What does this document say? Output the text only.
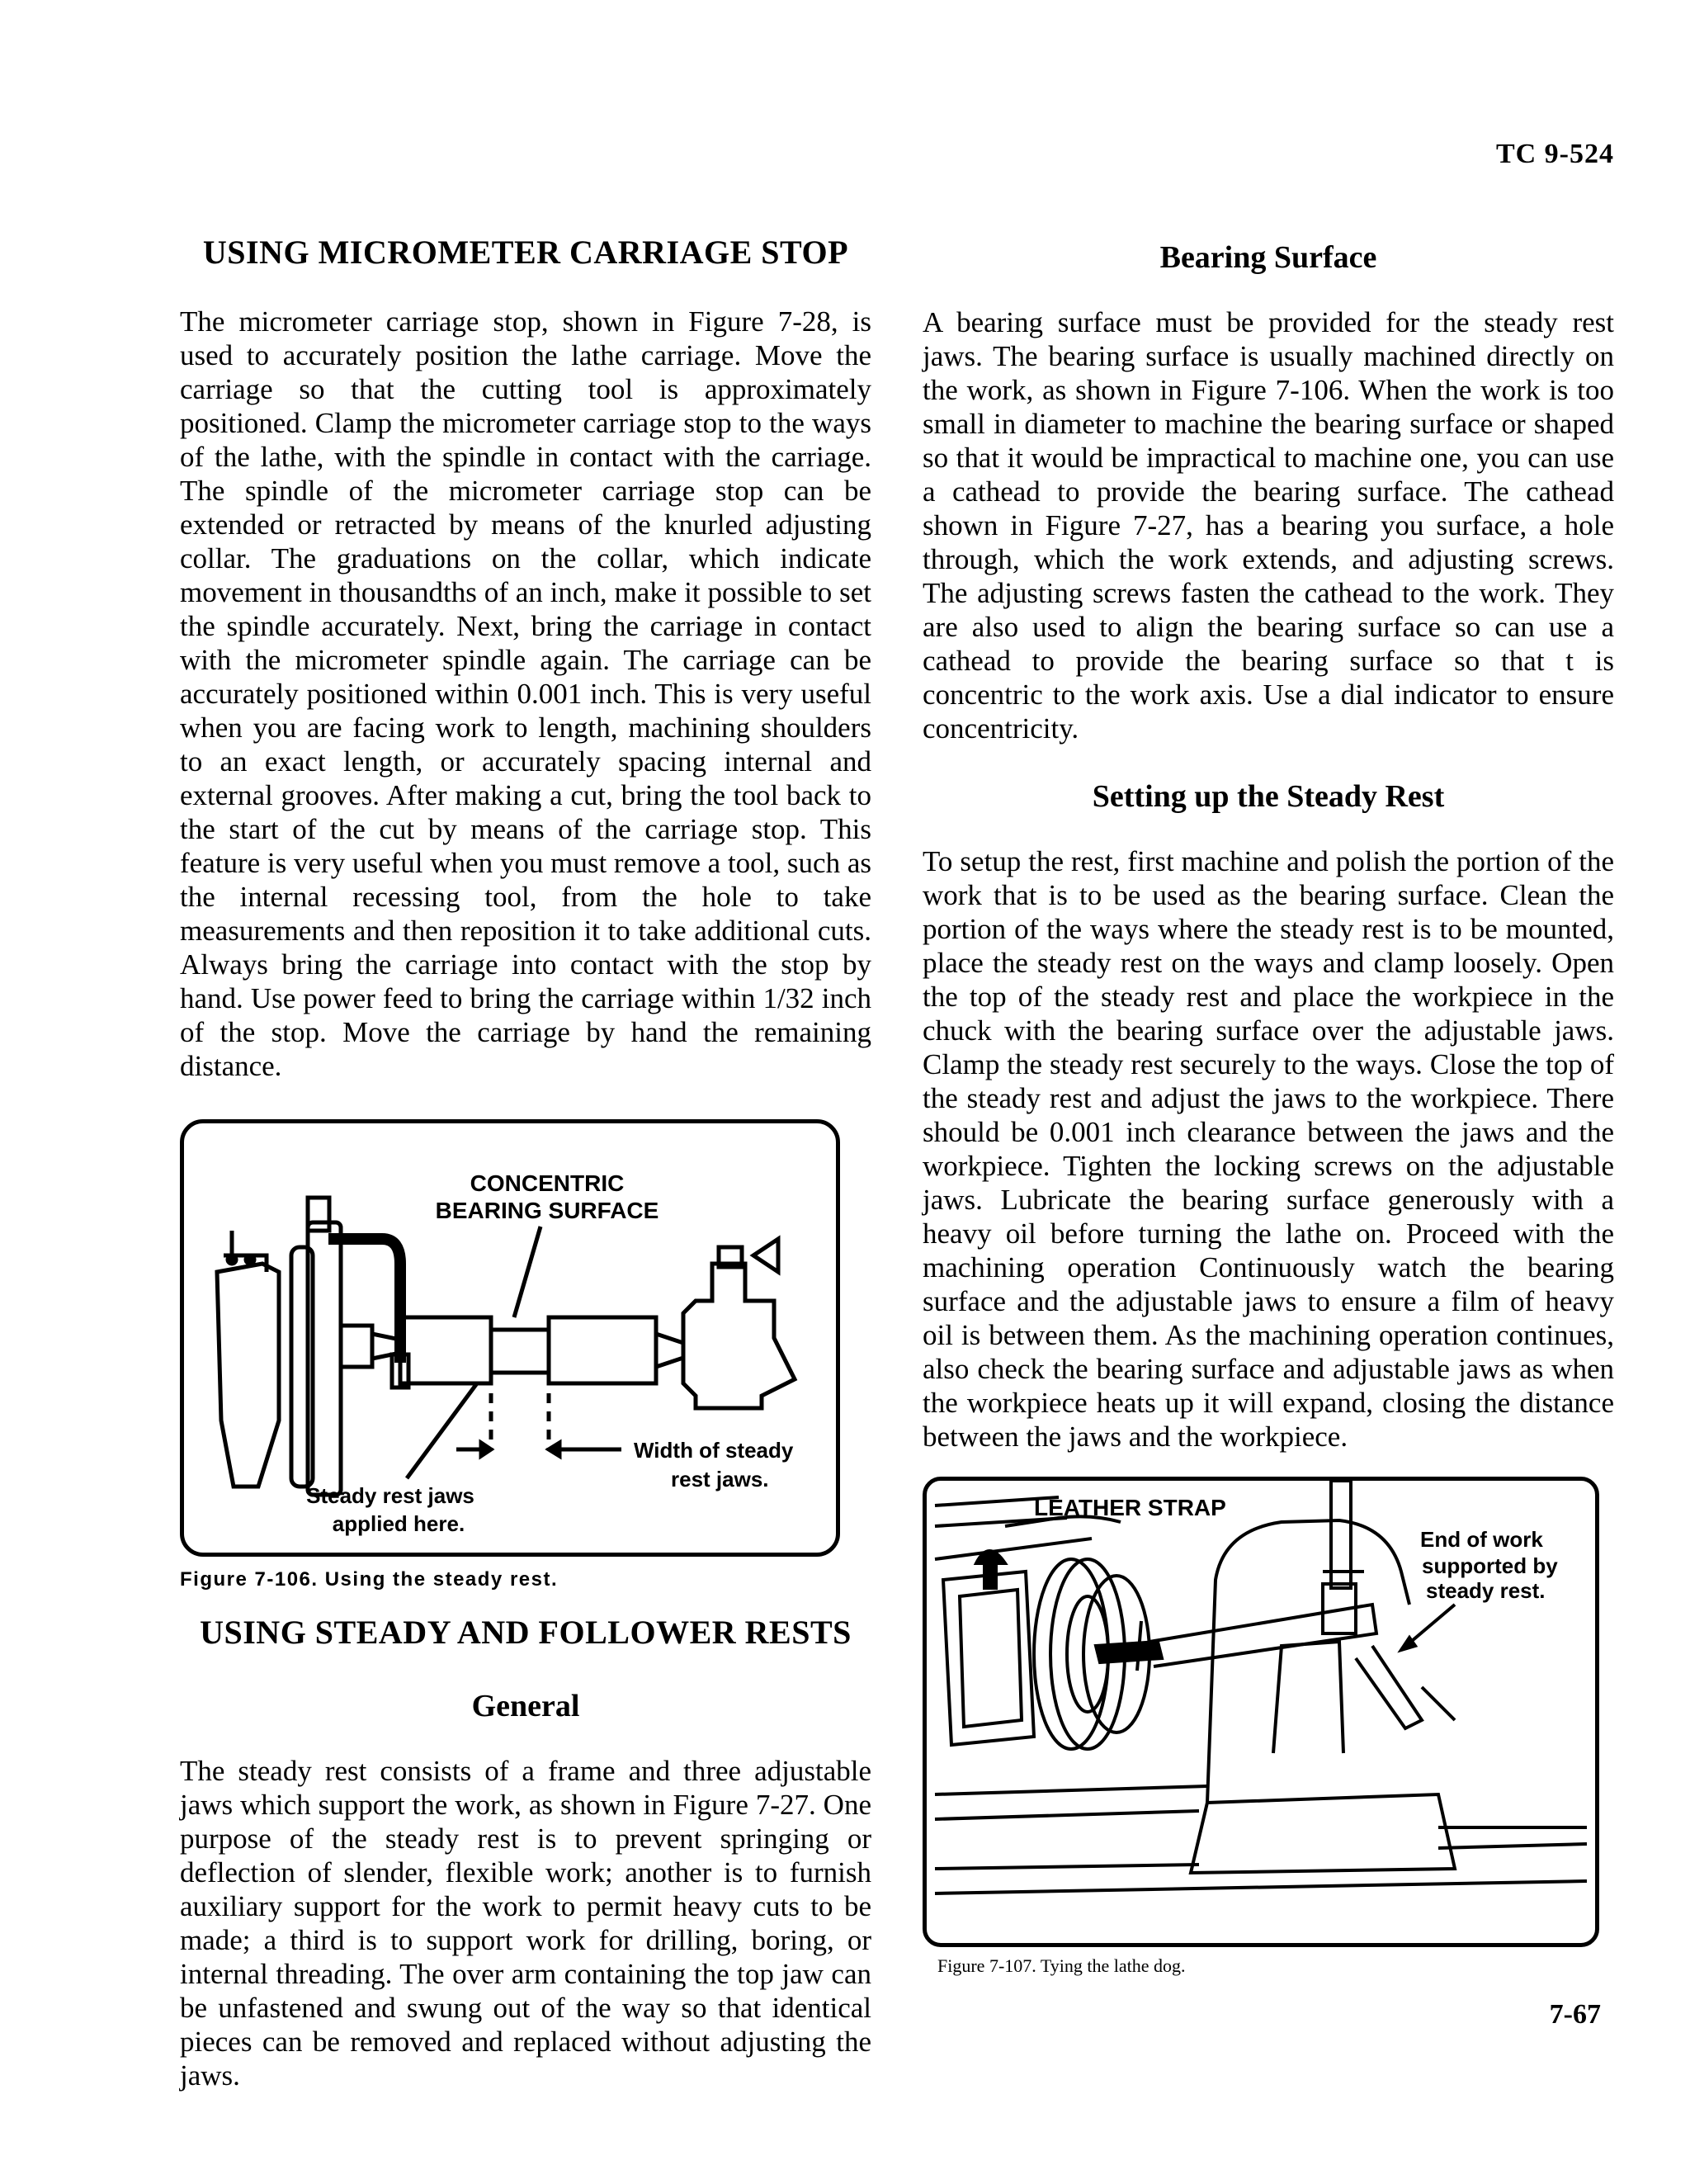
TC 9-524
USING MICROMETER CARRIAGE STOP

The micrometer carriage stop, shown in Figure 7-28, is used to accurately position the lathe carriage. Move the carriage so that the cutting tool is approximately positioned. Clamp the micrometer carriage stop to the ways of the lathe, with the spindle in contact with the carriage. The spindle of the micrometer carriage stop can be extended or retracted by means of the knurled adjusting collar. The graduations on the collar, which indicate movement in thousandths of an inch, make it possible to set the spindle accurately. Next, bring the carriage in contact with the micrometer spindle again. The carriage can be accurately positioned within 0.001 inch. This is very useful when you are facing work to length, machining shoulders to an exact length, or accurately spacing internal and external grooves. After making a cut, bring the tool back to the start of the cut by means of the carriage stop. This feature is very useful when you must remove a tool, such as the internal recessing tool, from the hole to take measurements and then reposition it to take additional cuts. Always bring the carriage into contact with the stop by hand. Use power feed to bring the carriage within 1/32 inch of the stop. Move the carriage by hand the remaining distance.

CONCENTRIC
BEARING SURFACE
Width of steady
rest jaws.
Steady rest jaws
applied here.
Figure 7-106. Using the steady rest.
USING STEADY AND FOLLOWER RESTS
General

The steady rest consists of a frame and three adjustable jaws which support the work, as shown in Figure 7-27. One purpose of the steady rest is to prevent springing or deflection of slender, flexible work; another is to furnish auxiliary support for the work to permit heavy cuts to be made; a third is to support work for drilling, boring, or internal threading. The over arm containing the top jaw can be unfastened and swung out of the way so that identical pieces can be removed and replaced without adjusting the jaws.

Bearing Surface

A bearing surface must be provided for the steady rest jaws. The bearing surface is usually machined directly on the work, as shown in Figure 7-106. When the work is too small in diameter to machine the bearing surface or shaped so that it would be impractical to machine one, you can use a cathead to provide the bearing surface. The cathead shown in Figure 7-27, has a bearing you surface, a hole through, which the work extends, and adjusting screws. The adjusting screws fasten the cathead to the work. They are also used to align the bearing surface so can use a cathead to provide the bearing surface so that t is concentric to the work axis. Use a dial indicator to ensure concentricity.

Setting up the Steady Rest

To setup the rest, first machine and polish the portion of the work that is to be used as the bearing surface. Clean the portion of the ways where the steady rest is to be mounted, place the steady rest on the ways and clamp loosely. Open the top of the steady rest and place the workpiece in the chuck with the bearing surface over the adjustable jaws. Clamp the steady rest securely to the ways. Close the top of the steady rest and adjust the jaws to the workpiece. There should be 0.001 inch clearance between the jaws and the workpiece. Tighten the locking screws on the adjustable jaws. Lubricate the bearing surface generously with a heavy oil before turning the lathe on. Proceed with the machining operation Continuously watch the bearing surface and the adjustable jaws to ensure a film of heavy oil is between them. As the machining operation continues, also check the bearing surface and adjustable jaws as when the workpiece heats up it will expand, closing the distance between the jaws and the workpiece.

LEATHER STRAP
End of work
supported by
steady rest.
Figure 7-107. Tying the lathe dog.
7-67
